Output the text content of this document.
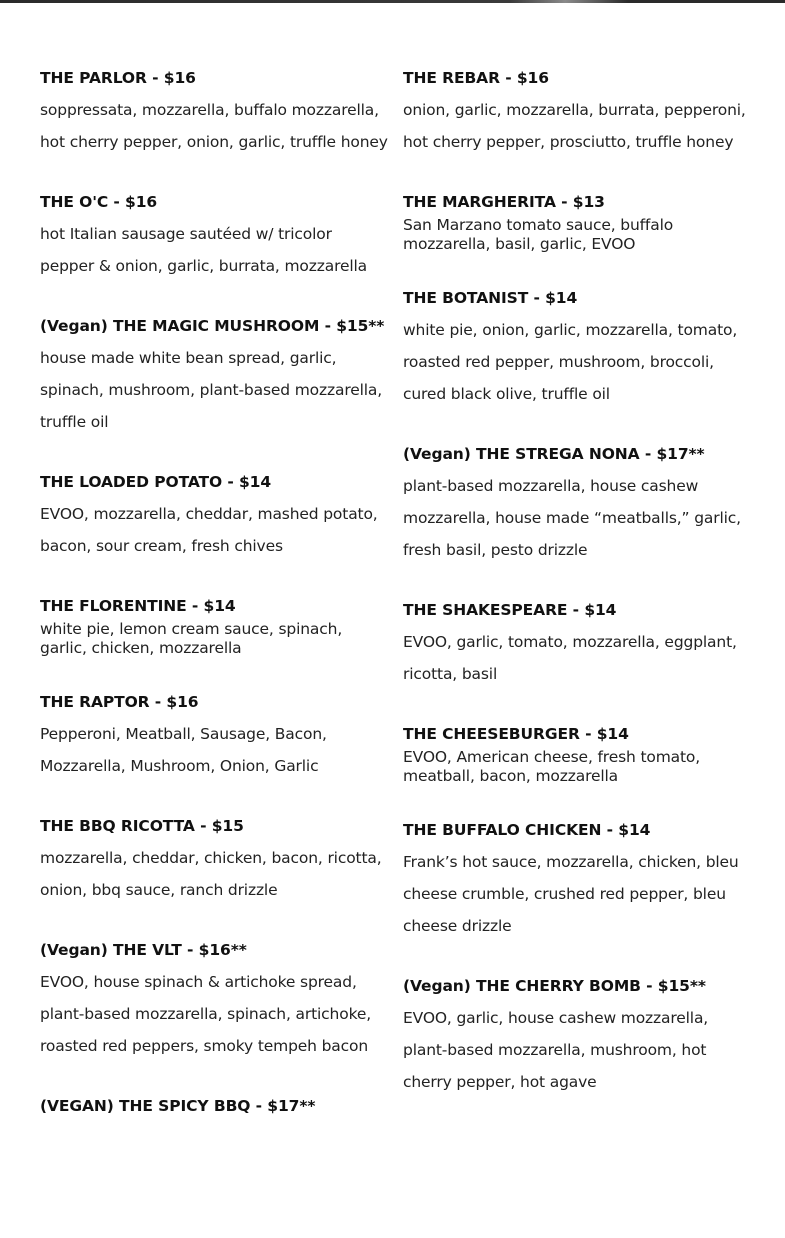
THE PARLOR - $16

soppressata, mozzarella, buffalo mozzarella, hot cherry pepper, onion, garlic, truffle honey

THE O'C - $16

hot Italian sausage sautéed w/ tricolor pepper & onion, garlic, burrata, mozzarella

(Vegan) THE MAGIC MUSHROOM - $15**

house made white bean spread, garlic, spinach, mushroom, plant-based mozzarella, truffle oil

THE LOADED POTATO - $14

EVOO, mozzarella, cheddar, mashed potato, bacon, sour cream, fresh chives

THE FLORENTINE - $14

white pie, lemon cream sauce, spinach, garlic, chicken, mozzarella

THE RAPTOR - $16

Pepperoni, Meatball, Sausage, Bacon, Mozzarella, Mushroom, Onion, Garlic

THE BBQ RICOTTA - $15

mozzarella, cheddar, chicken, bacon, ricotta, onion, bbq sauce, ranch drizzle

(Vegan) THE VLT - $16**

EVOO, house spinach & artichoke spread, plant-based mozzarella, spinach, artichoke, roasted red peppers, smoky tempeh bacon

(VEGAN) THE SPICY BBQ - $17**

THE REBAR - $16

onion, garlic, mozzarella, burrata, pepperoni, hot cherry pepper, prosciutto, truffle honey

THE MARGHERITA - $13

San Marzano tomato sauce, buffalo mozzarella, basil, garlic, EVOO

THE BOTANIST - $14

white pie, onion, garlic, mozzarella, tomato, roasted red pepper, mushroom, broccoli, cured black olive, truffle oil

(Vegan) THE STREGA NONA - $17**

plant-based mozzarella, house cashew mozzarella, house made “meatballs,” garlic, fresh basil, pesto drizzle

THE SHAKESPEARE - $14

EVOO, garlic, tomato, mozzarella, eggplant, ricotta, basil

THE CHEESEBURGER - $14

EVOO, American cheese, fresh tomato, meatball, bacon, mozzarella

THE BUFFALO CHICKEN - $14

Frank’s hot sauce, mozzarella, chicken, bleu cheese crumble, crushed red pepper, bleu cheese drizzle

(Vegan) THE CHERRY BOMB - $15**

EVOO, garlic, house cashew mozzarella, plant-based mozzarella, mushroom, hot cherry pepper, hot agave
